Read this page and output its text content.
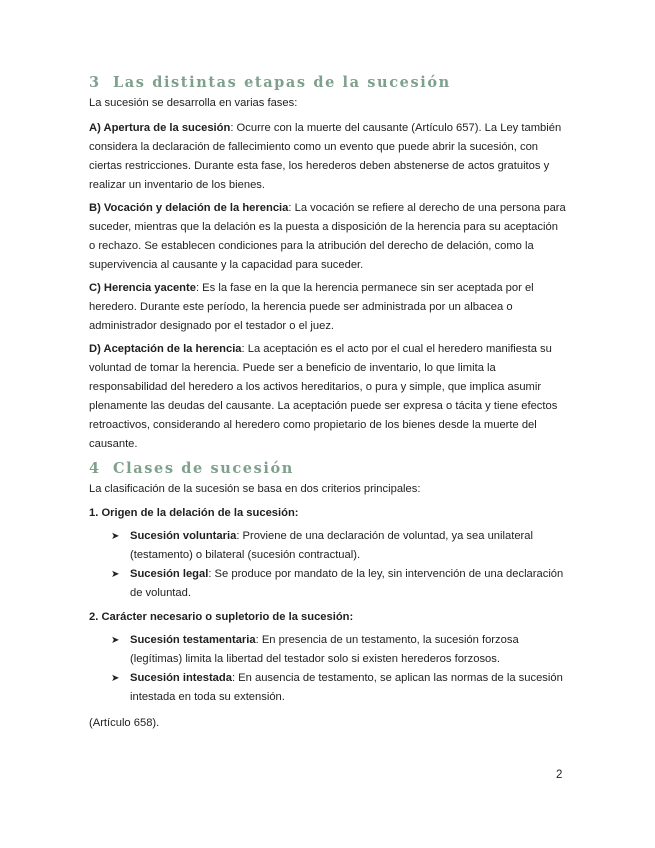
3 Las distintas etapas de la sucesión

La sucesión se desarrolla en varias fases:

A) Apertura de la sucesión: Ocurre con la muerte del causante (Artículo 657). La Ley también considera la declaración de fallecimiento como un evento que puede abrir la sucesión, con ciertas restricciones. Durante esta fase, los herederos deben abstenerse de actos gratuitos y realizar un inventario de los bienes.

B) Vocación y delación de la herencia: La vocación se refiere al derecho de una persona para suceder, mientras que la delación es la puesta a disposición de la herencia para su aceptación o rechazo. Se establecen condiciones para la atribución del derecho de delación, como la supervivencia al causante y la capacidad para suceder.

C) Herencia yacente: Es la fase en la que la herencia permanece sin ser aceptada por el heredero. Durante este período, la herencia puede ser administrada por un albacea o administrador designado por el testador o el juez.

D) Aceptación de la herencia: La aceptación es el acto por el cual el heredero manifiesta su voluntad de tomar la herencia. Puede ser a beneficio de inventario, lo que limita la responsabilidad del heredero a los activos hereditarios, o pura y simple, que implica asumir plenamente las deudas del causante. La aceptación puede ser expresa o tácita y tiene efectos retroactivos, considerando al heredero como propietario de los bienes desde la muerte del causante.

4 Clases de sucesión

La clasificación de la sucesión se basa en dos criterios principales:

1. Origen de la delación de la sucesión:

➤ Sucesión voluntaria: Proviene de una declaración de voluntad, ya sea unilateral (testamento) o bilateral (sucesión contractual).
➤ Sucesión legal: Se produce por mandato de la ley, sin intervención de una declaración de voluntad.

2. Carácter necesario o supletorio de la sucesión:

➤ Sucesión testamentaria: En presencia de un testamento, la sucesión forzosa (legítimas) limita la libertad del testador solo si existen herederos forzosos.
➤ Sucesión intestada: En ausencia de testamento, se aplican las normas de la sucesión intestada en toda su extensión.

(Artículo 658).

2
